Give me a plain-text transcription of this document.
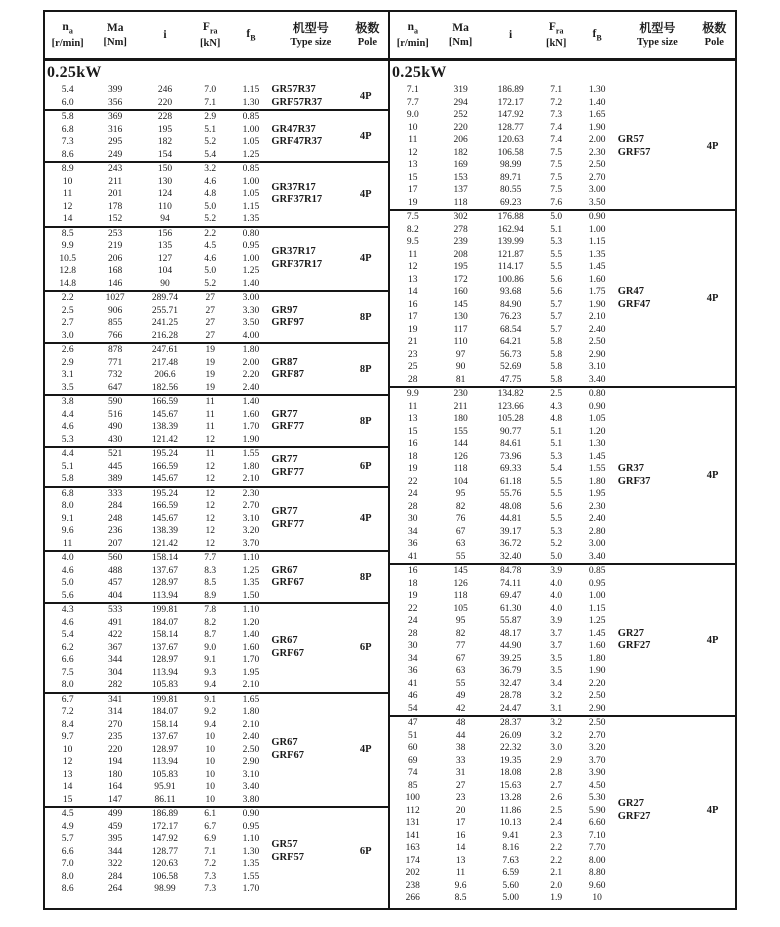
$n_a$
[r/min]
Ma
[Nm]
i
$F_{ra}$
[kN]
$f_B$
机型号
Type size
极数
Pole
0.25kW
5.4	399	246	7.0	1.15
6.0	356	220	7.1	1.30
GR57R37
GRF57R37	4P
5.8	369	228	2.9	0.85
6.8	316	195	5.1	1.00
7.3	295	182	5.2	1.05
8.6	249	154	5.4	1.25
GR47R37
GRF47R37	4P
8.9	243	150	3.2	0.85
10	211	130	4.6	1.00
11	201	124	4.8	1.05
12	178	110	5.0	1.15
14	152	94	5.2	1.35
GR37R17
GRF37R17	4P
8.5	253	156	2.2	0.80
9.9	219	135	4.5	0.95
10.5	206	127	4.6	1.00
12.8	168	104	5.0	1.25
14.8	146	90	5.2	1.40
GR37R17
GRF37R17	4P
2.2	1027	289.74	27	3.00
2.5	906	255.71	27	3.30
2.7	855	241.25	27	3.50
3.0	766	216.28	27	4.00
GR97
GRF97	8P
2.6	878	247.61	19	1.80
2.9	771	217.48	19	2.00
3.1	732	206.6	19	2.20
3.5	647	182.56	19	2.40
GR87
GRF87	8P
3.8	590	166.59	11	1.40
4.4	516	145.67	11	1.60
4.6	490	138.39	11	1.70
5.3	430	121.42	12	1.90
GR77
GRF77	8P
4.4	521	195.24	11	1.55
5.1	445	166.59	12	1.80
5.8	389	145.67	12	2.10
GR77
GRF77	6P
6.8	333	195.24	12	2.30
8.0	284	166.59	12	2.70
9.1	248	145.67	12	3.10
9.6	236	138.39	12	3.20
11	207	121.42	12	3.70
GR77
GRF77	4P
4.0	560	158.14	7.7	1.10
4.6	488	137.67	8.3	1.25
5.0	457	128.97	8.5	1.35
5.6	404	113.94	8.9	1.50
GR67
GRF67	8P
4.3	533	199.81	7.8	1.10
4.6	491	184.07	8.2	1.20
5.4	422	158.14	8.7	1.40
6.2	367	137.67	9.0	1.60
6.6	344	128.97	9.1	1.70
7.5	304	113.94	9.3	1.95
8.0	282	105.83	9.4	2.10
GR67
GRF67	6P
6.7	341	199.81	9.1	1.65
7.2	314	184.07	9.2	1.80
8.4	270	158.14	9.4	2.10
9.7	235	137.67	10	2.40
10	220	128.97	10	2.50
12	194	113.94	10	2.90
13	180	105.83	10	3.10
14	164	95.91	10	3.40
15	147	86.11	10	3.80
GR67
GRF67	4P
4.5	499	186.89	6.1	0.90
4.9	459	172.17	6.7	0.95
5.7	395	147.92	6.9	1.10
6.6	344	128.77	7.1	1.30
7.0	322	120.63	7.2	1.35
8.0	284	106.58	7.3	1.55
8.6	264	98.99	7.3	1.70
GR57
GRF57	6P
$n_a$
[r/min]
Ma
[Nm]
i
$F_{ra}$
[kN]
$f_B$
机型号
Type size
极数
Pole
0.25kW
7.1	319	186.89	7.1	1.30
7.7	294	172.17	7.2	1.40
9.0	252	147.92	7.3	1.65
10	220	128.77	7.4	1.90
11	206	120.63	7.4	2.00
12	182	106.58	7.5	2.30
13	169	98.99	7.5	2.50
15	153	89.71	7.5	2.70
17	137	80.55	7.5	3.00
19	118	69.23	7.6	3.50
GR57
GRF57	4P
7.5	302	176.88	5.0	0.90
8.2	278	162.94	5.1	1.00
9.5	239	139.99	5.3	1.15
11	208	121.87	5.5	1.35
12	195	114.17	5.5	1.45
13	172	100.86	5.6	1.60
14	160	93.68	5.6	1.75
16	145	84.90	5.7	1.90
17	130	76.23	5.7	2.10
19	117	68.54	5.7	2.40
21	110	64.21	5.8	2.50
23	97	56.73	5.8	2.90
25	90	52.69	5.8	3.10
28	81	47.75	5.8	3.40
GR47
GRF47	4P
9.9	230	134.82	2.5	0.80
11	211	123.66	4.3	0.90
13	180	105.28	4.8	1.05
15	155	90.77	5.1	1.20
16	144	84.61	5.1	1.30
18	126	73.96	5.3	1.45
19	118	69.33	5.4	1.55
22	104	61.18	5.5	1.80
24	95	55.76	5.5	1.95
28	82	48.08	5.6	2.30
30	76	44.81	5.5	2.40
34	67	39.17	5.3	2.80
36	63	36.72	5.2	3.00
41	55	32.40	5.0	3.40
GR37
GRF37	4P
16	145	84.78	3.9	0.85
18	126	74.11	4.0	0.95
19	118	69.47	4.0	1.00
22	105	61.30	4.0	1.15
24	95	55.87	3.9	1.25
28	82	48.17	3.7	1.45
30	77	44.90	3.7	1.60
34	67	39.25	3.5	1.80
36	63	36.79	3.5	1.90
41	55	32.47	3.4	2.20
46	49	28.78	3.2	2.50
54	42	24.47	3.1	2.90
GR27
GRF27	4P
47	48	28.37	3.2	2.50
51	44	26.09	3.2	2.70
60	38	22.32	3.0	3.20
69	33	19.35	2.9	3.70
74	31	18.08	2.8	3.90
85	27	15.63	2.7	4.50
100	23	13.28	2.6	5.30
112	20	11.86	2.5	5.90
131	17	10.13	2.4	6.60
141	16	9.41	2.3	7.10
163	14	8.16	2.2	7.70
174	13	7.63	2.2	8.00
202	11	6.59	2.1	8.80
238	9.6	5.60	2.0	9.60
266	8.5	5.00	1.9	10
GR27
GRF27	4P
